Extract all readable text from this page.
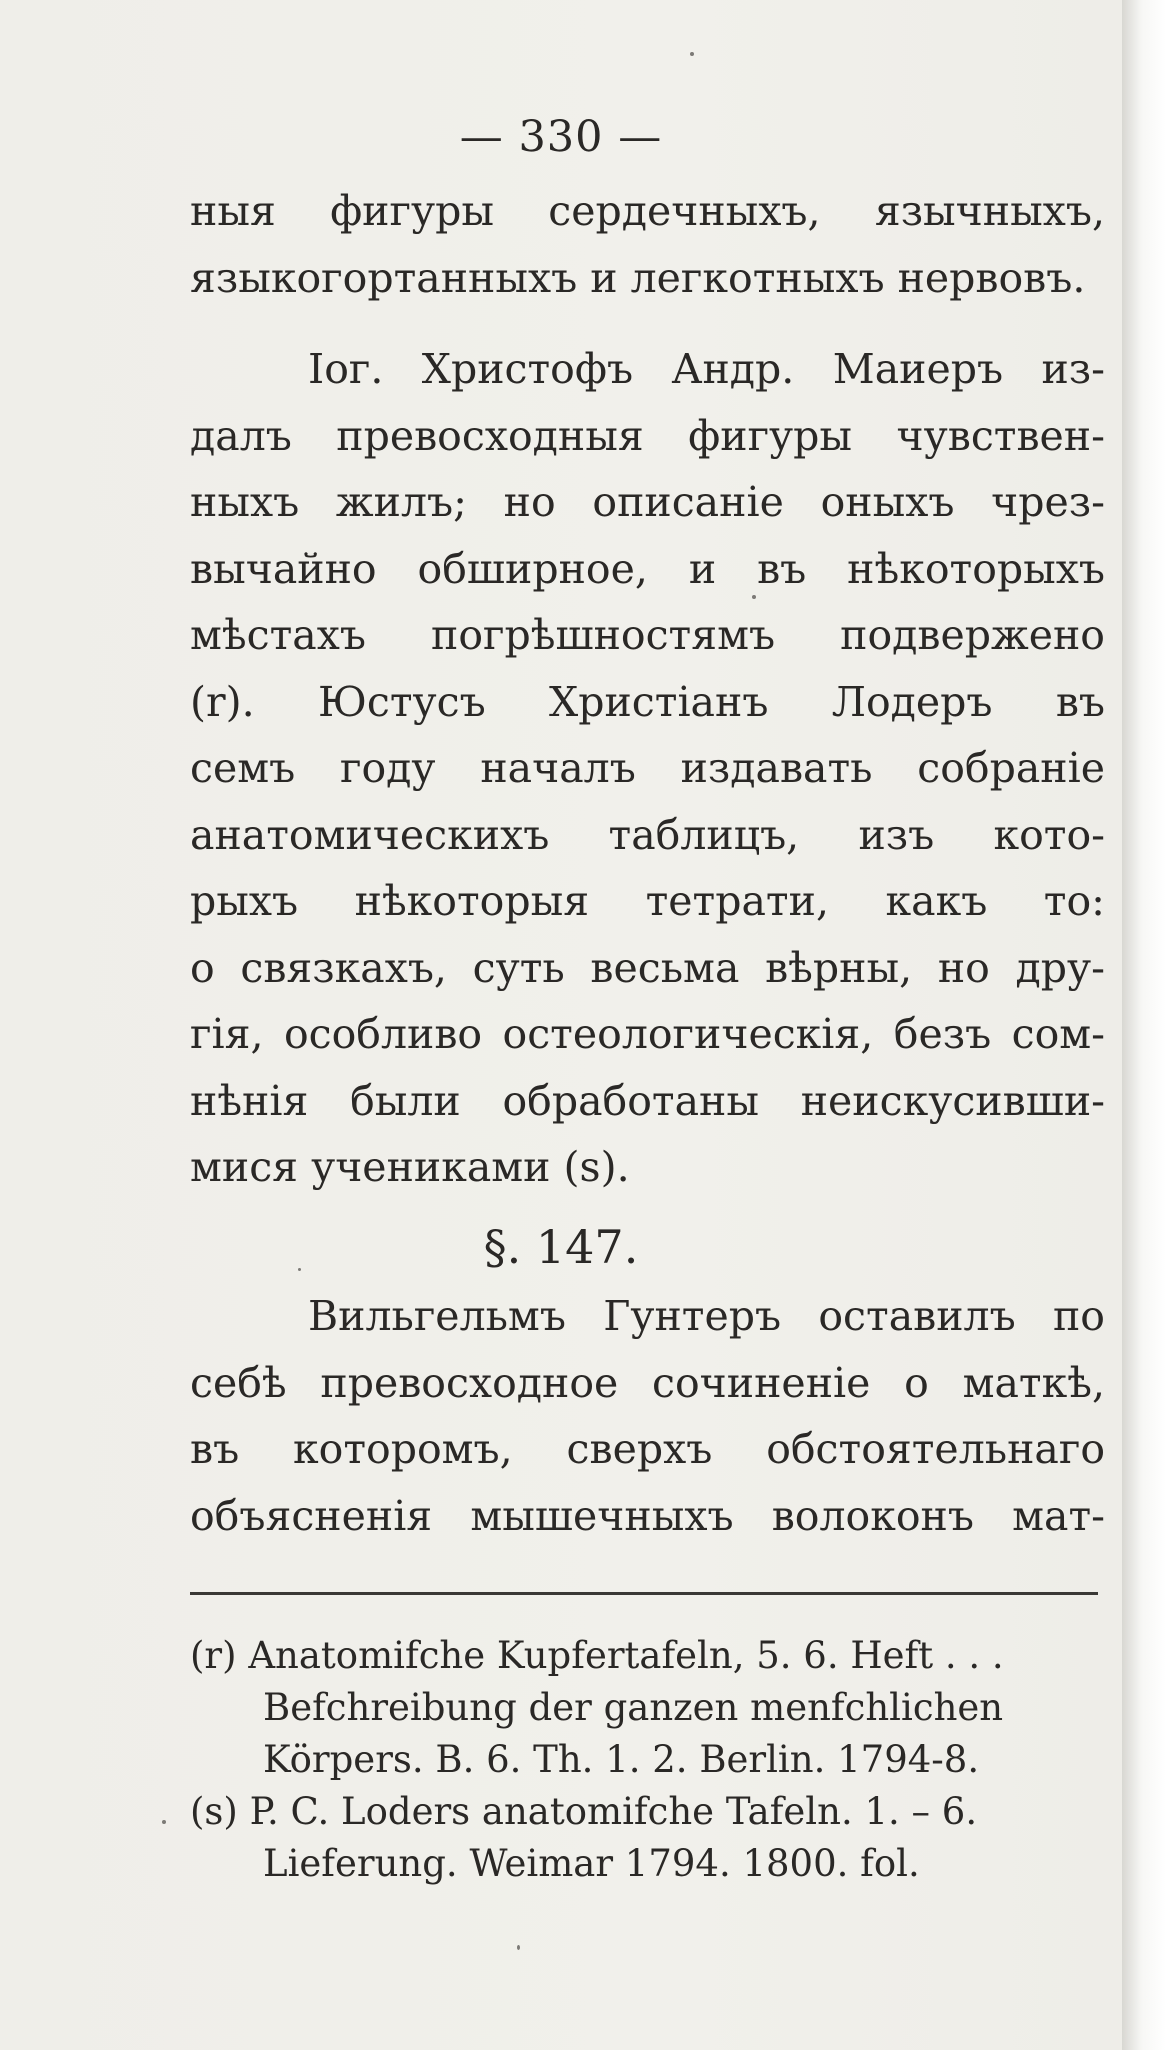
— 330 —
ныя фигуры сердечныхъ, язычныхъ,
языкогортанныхъ и легкотныхъ нервовъ.
Iог. Христофъ Андр. Маиеръ из-
далъ превосходныя фигуры чувствен-
ныхъ жилъ; но описаніе оныхъ чрез-
вычайно обширное, и въ нѣкоторыхъ
мѣстахъ погрѣшностямъ подвержено
(r). Юстусъ Христіанъ Лодеръ въ
семъ году началъ издавать собраніе
анатомическихъ таблицъ, изъ кото-
рыхъ нѣкоторыя тетрати, какъ то:
о связкахъ, суть весьма вѣрны, но дру-
гія, особливо остеологическія, безъ сом-
нѣнія были обработаны неискусивши-
мися учениками (s).
§. 147.
Вильгельмъ Гунтеръ оставилъ по
себѣ превосходное сочиненіе о маткѣ,
въ которомъ, сверхъ обстоятельнаго
объясненія мышечныхъ волоконъ мат-
(r) Anatomifche Kupfertafeln, 5. 6. Heft . . .
Befchreibung der ganzen menfchlichen
Körpers. B. 6. Th. 1. 2. Berlin. 1794-8.
(s) P. C. Loders anatomifche Tafeln. 1. – 6.
Lieferung. Weimar 1794. 1800. fol.
